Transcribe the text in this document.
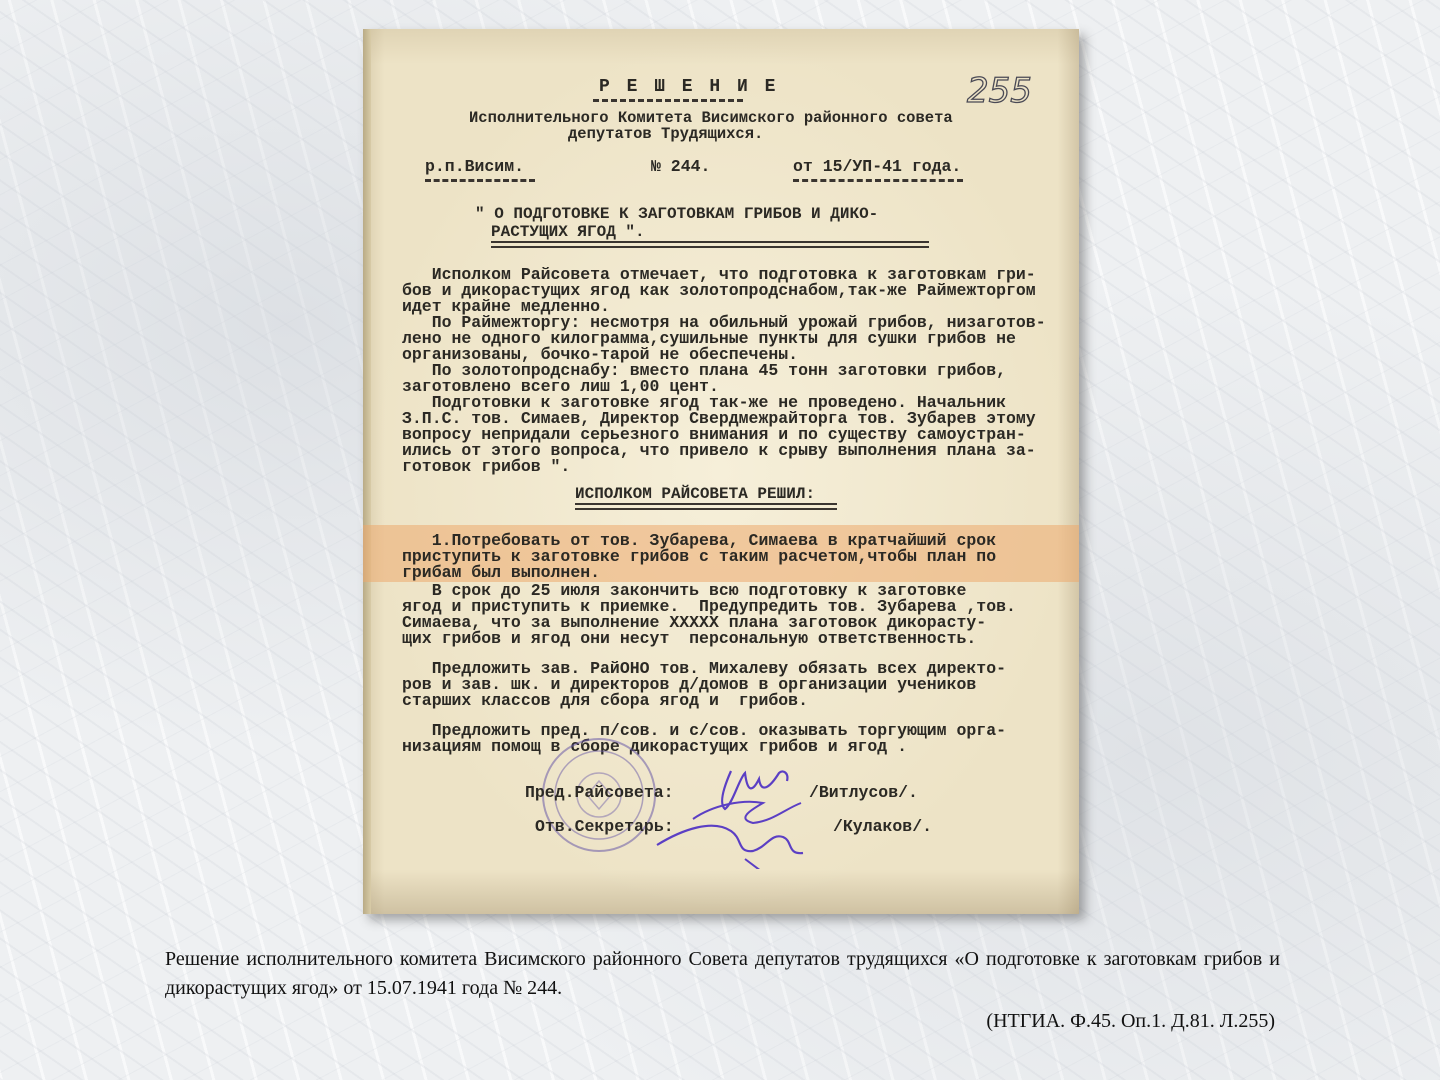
255

Р Е Ш Е Н И Е

Исполнительного Комитета Висимского районного совета

депутатов Трудящихся.

р.п.Висим.	№ 244.	от 15/УП-41 года.

" О ПОДГОТОВКЕ К ЗАГОТОВКАМ ГРИБОВ И ДИКО-

РАСТУЩИХ ЯГОД ".

Исполком Райсовета отмечает, что подготовка к заготовкам гри-

бов и дикорастущих ягод как золотопродснабом,так-же Раймежторгом

идет крайне медленно.

По Раймежторгу: несмотря на обильный урожай грибов, низаготов-

лено не одного килограмма,сушильные пункты для сушки грибов не

организованы, бочко-тарой не обеспечены.

По золотопродснабу: вместо плана 45 тонн заготовки грибов,

заготовлено всего лиш 1,00 цент.

Подготовки к заготовке ягод так-же не проведено. Начальник

З.П.С. тов. Симаев, Директор Свердмежрайторга тов. Зубарев этому

вопросу непридали серьезного внимания и по существу самоустран-

ились от этого вопроса, что привело к срыву выполнения плана за-

готовок грибов ".

ИСПОЛКОМ РАЙСОВЕТА РЕШИЛ:

1.Потребовать от тов. Зубарева, Симаева в кратчайший срок

приступить к заготовке грибов с таким расчетом,чтобы план по

грибам был выполнен.

В срок до 25 июля закончить всю подготовку к заготовке

ягод и приступить к приемке.  Предупредить тов. Зубарева ,тов.

Симаева, что за выполнение ХХХХХ плана заготовок дикорасту-

щих грибов и ягод они несут  персональную ответственность.

Предложить зав. РайОНО тов. Михалеву обязать всех директо-

ров и зав. шк. и директоров д/домов в организации учеников

старших классов для сбора ягод и  грибов.

Предложить пред. п/сов. и с/сов. оказывать торгующим орга-

низациям помощ в сборе дикорастущих грибов и ягод .

Пред.Райсовета:	/Витлусов/.

Отв.Секретарь:	/Кулаков/.

Решение исполнительного комитета Висимского районного Совета депутатов трудящихся «О подготовке к заготовкам грибов и дикорастущих ягод» от 15.07.1941 года № 244.
(НТГИА. Ф.45. Оп.1. Д.81. Л.255)
